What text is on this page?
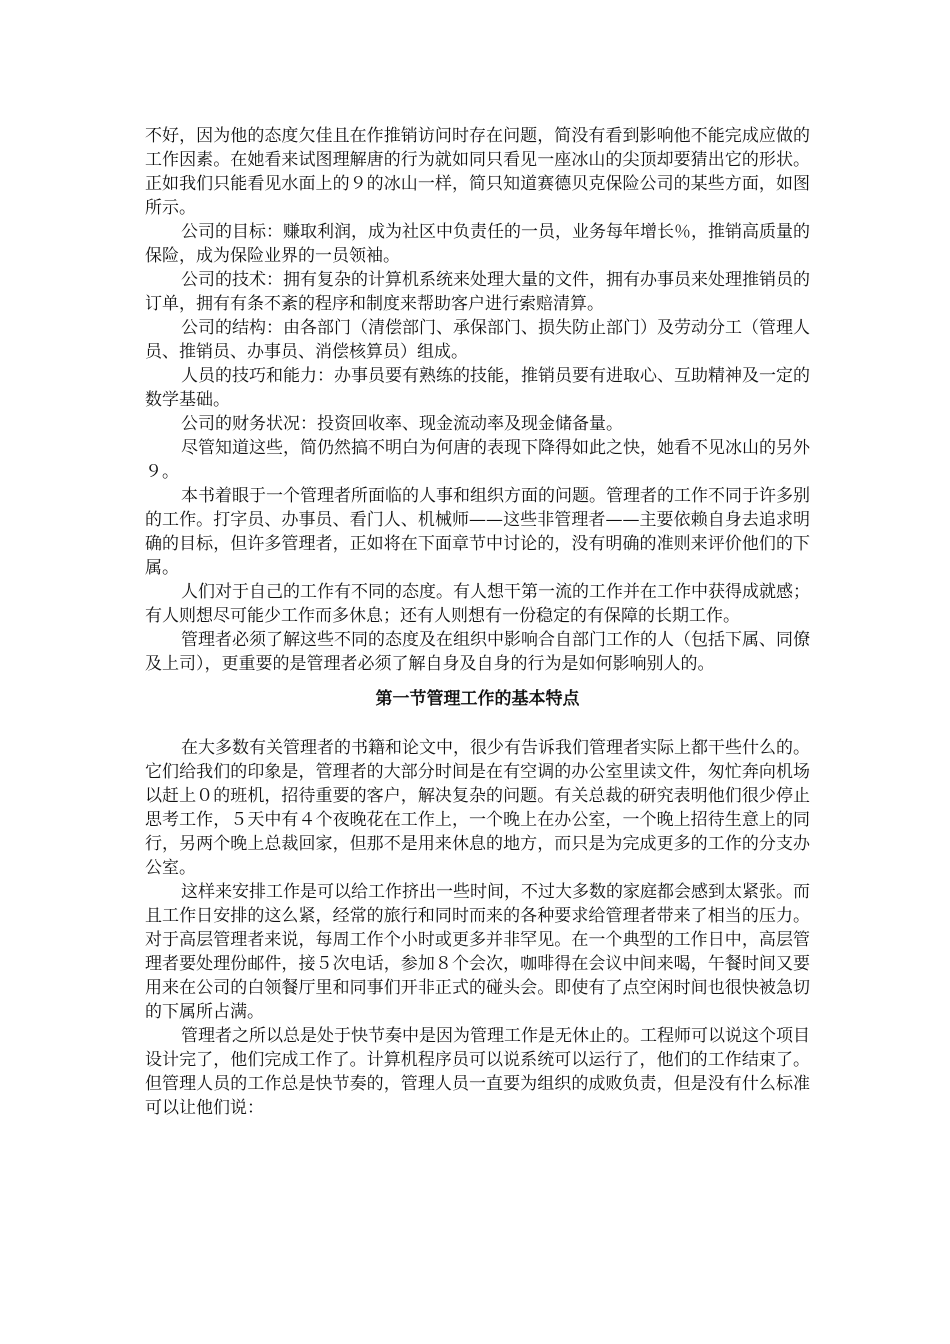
不好，因为他的态度欠佳且在作推销访问时存在问题，简没有看到影响他不能完成应做的工作因素。在她看来试图理解唐的行为就如同只看见一座冰山的尖顶却要猜出它的形状。正如我们只能看见水面上的９的冰山一样，简只知道赛德贝克保险公司的某些方面，如图所示。

公司的目标：赚取利润，成为社区中负责任的一员，业务每年增长％，推销高质量的保险，成为保险业界的一员领袖。

公司的技术：拥有复杂的计算机系统来处理大量的文件，拥有办事员来处理推销员的订单，拥有有条不紊的程序和制度来帮助客户进行索赔清算。

公司的结构：由各部门（清偿部门、承保部门、损失防止部门）及劳动分工（管理人员、推销员、办事员、消偿核算员）组成。

人员的技巧和能力：办事员要有熟练的技能，推销员要有进取心、互助精神及一定的数学基础。

公司的财务状况：投资回收率、现金流动率及现金储备量。

尽管知道这些，简仍然搞不明白为何唐的表现下降得如此之快，她看不见冰山的另外９。

本书着眼于一个管理者所面临的人事和组织方面的问题。管理者的工作不同于许多别的工作。打字员、办事员、看门人、机械师——这些非管理者——主要依赖自身去追求明确的目标，但许多管理者，正如将在下面章节中讨论的，没有明确的准则来评价他们的下属。

人们对于自己的工作有不同的态度。有人想干第一流的工作并在工作中获得成就感；有人则想尽可能少工作而多休息；还有人则想有一份稳定的有保障的长期工作。

管理者必须了解这些不同的态度及在组织中影响合自部门工作的人（包括下属、同僚及上司），更重要的是管理者必须了解自身及自身的行为是如何影响别人的。

第一节管理工作的基本特点

在大多数有关管理者的书籍和论文中，很少有告诉我们管理者实际上都干些什么的。它们给我们的印象是，管理者的大部分时间是在有空调的办公室里读文件，匆忙奔向机场以赶上０的班机，招待重要的客户，解决复杂的问题。有关总裁的研究表明他们很少停止思考工作，５天中有４个夜晚花在工作上，一个晚上在办公室，一个晚上招待生意上的同行，另两个晚上总裁回家，但那不是用来休息的地方，而只是为完成更多的工作的分支办公室。

这样来安排工作是可以给工作挤出一些时间，不过大多数的家庭都会感到太紧张。而且工作日安排的这么紧，经常的旅行和同时而来的各种要求给管理者带来了相当的压力。对于高层管理者来说，每周工作个小时或更多并非罕见。在一个典型的工作日中，高层管理者要处理份邮件，接５次电话，参加８个会次，咖啡得在会议中间来喝，午餐时间又要用来在公司的白领餐厅里和同事们开非正式的碰头会。即使有了点空闲时间也很快被急切的下属所占满。

管理者之所以总是处于快节奏中是因为管理工作是无休止的。工程师可以说这个项目设计完了，他们完成工作了。计算机程序员可以说系统可以运行了，他们的工作结束了。但管理人员的工作总是快节奏的，管理人员一直要为组织的成败负责，但是没有什么标准可以让他们说：
